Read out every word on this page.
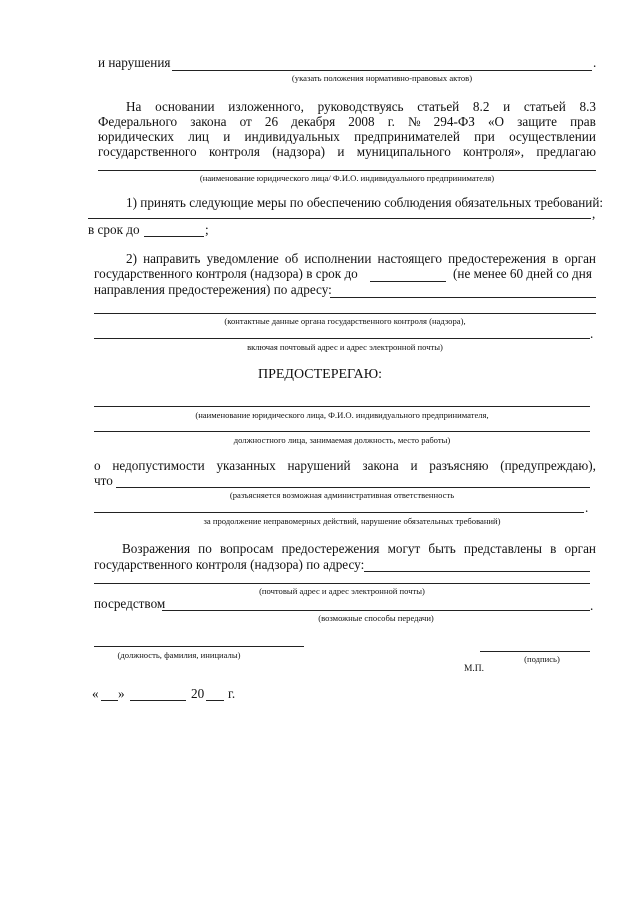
и нарушения	.
(указать положения нормативно-правовых актов)
На основании изложенного, руководствуясь статьей 8.2 и статьей 8.3
Федерального закона от 26 декабря 2008 г. № 294-ФЗ «О защите прав
юридических лиц и индивидуальных предпринимателей при осуществлении
государственного контроля (надзора) и муниципального контроля», предлагаю
(наименование юридического лица/ Ф.И.О. индивидуального предпринимателя)
1) принять следующие меры по обеспечению соблюдения обязательных требований:
,
в срок до	;
2) направить уведомление об исполнении настоящего предостережения в орган
государственного контроля (надзора) в срок до	(не менее 60 дней со дня
направления предостережения) по адресу:
(контактные данные органа государственного контроля (надзора),
.
включая почтовый адрес и адрес электронной почты)
ПРЕДОСТЕРЕГАЮ:
(наименование юридического лица, Ф.И.О. индивидуального предпринимателя,
должностного лица, занимаемая должность, место работы)
о недопустимости указанных нарушений закона и разъясняю (предупреждаю),
что
(разъясняется возможная административная ответственность
.
за продолжение неправомерных действий, нарушение обязательных требований)
Возражения по вопросам предостережения могут быть представлены в орган
государственного контроля (надзора) по адресу:
(почтовый адрес и адрес электронной почты)
посредством	.
(возможные способы передачи)
(должность, фамилия, инициалы)	(подпись)
М.П.
« »	20 г.
